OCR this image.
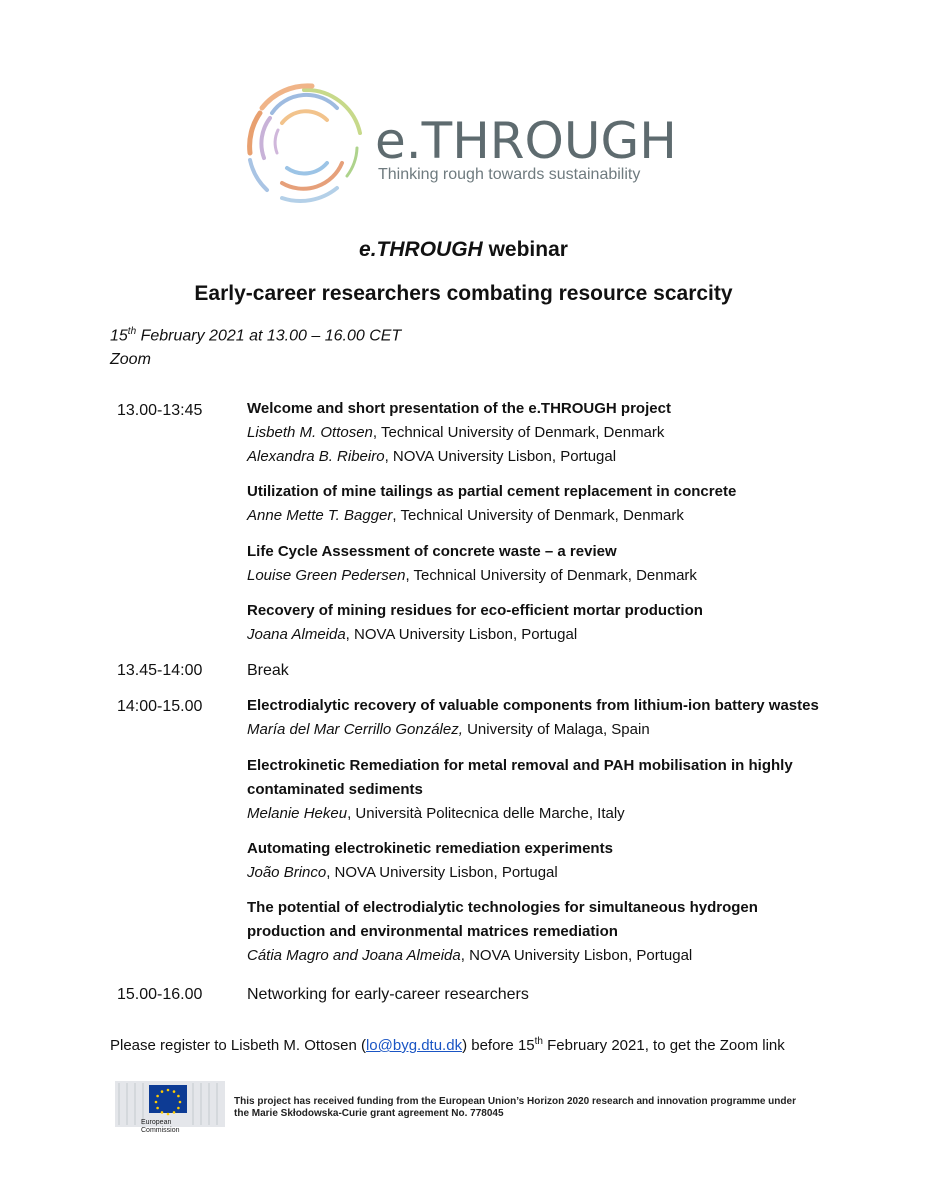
e.THROUGH
Thinking rough towards sustainability
e.THROUGH webinar
Early-career researchers combating resource scarcity
15th February 2021 at 13.00 – 16.00 CET
Zoom
13.00-13:45	Welcome and short presentation of the e.THROUGH project
Lisbeth M. Ottosen, Technical University of Denmark, Denmark
Alexandra B. Ribeiro, NOVA University Lisbon, Portugal
Utilization of mine tailings as partial cement replacement in concrete
Anne Mette T. Bagger, Technical University of Denmark, Denmark
Life Cycle Assessment of concrete waste – a review
Louise Green Pedersen, Technical University of Denmark, Denmark
Recovery of mining residues for eco-efficient mortar production
Joana Almeida, NOVA University Lisbon, Portugal
13.45-14:00	Break
14:00-15.00	Electrodialytic recovery of valuable components from lithium-ion battery wastes
María del Mar Cerrillo González, University of Malaga, Spain
Electrokinetic Remediation for metal removal and PAH mobilisation in highly
contaminated sediments
Melanie Hekeu, Università Politecnica delle Marche, Italy
Automating electrokinetic remediation experiments
João Brinco, NOVA University Lisbon, Portugal
The potential of electrodialytic technologies for simultaneous hydrogen
production and environmental matrices remediation
Cátia Magro and Joana Almeida, NOVA University Lisbon, Portugal
15.00-16.00	Networking for early-career researchers
Please register to Lisbeth M. Ottosen (lo@byg.dtu.dk) before 15th February 2021, to get the Zoom link
European
Commission
This project has received funding from the European Union’s Horizon 2020 research and innovation programme under
the Marie Skłodowska-Curie grant agreement No. 778045
